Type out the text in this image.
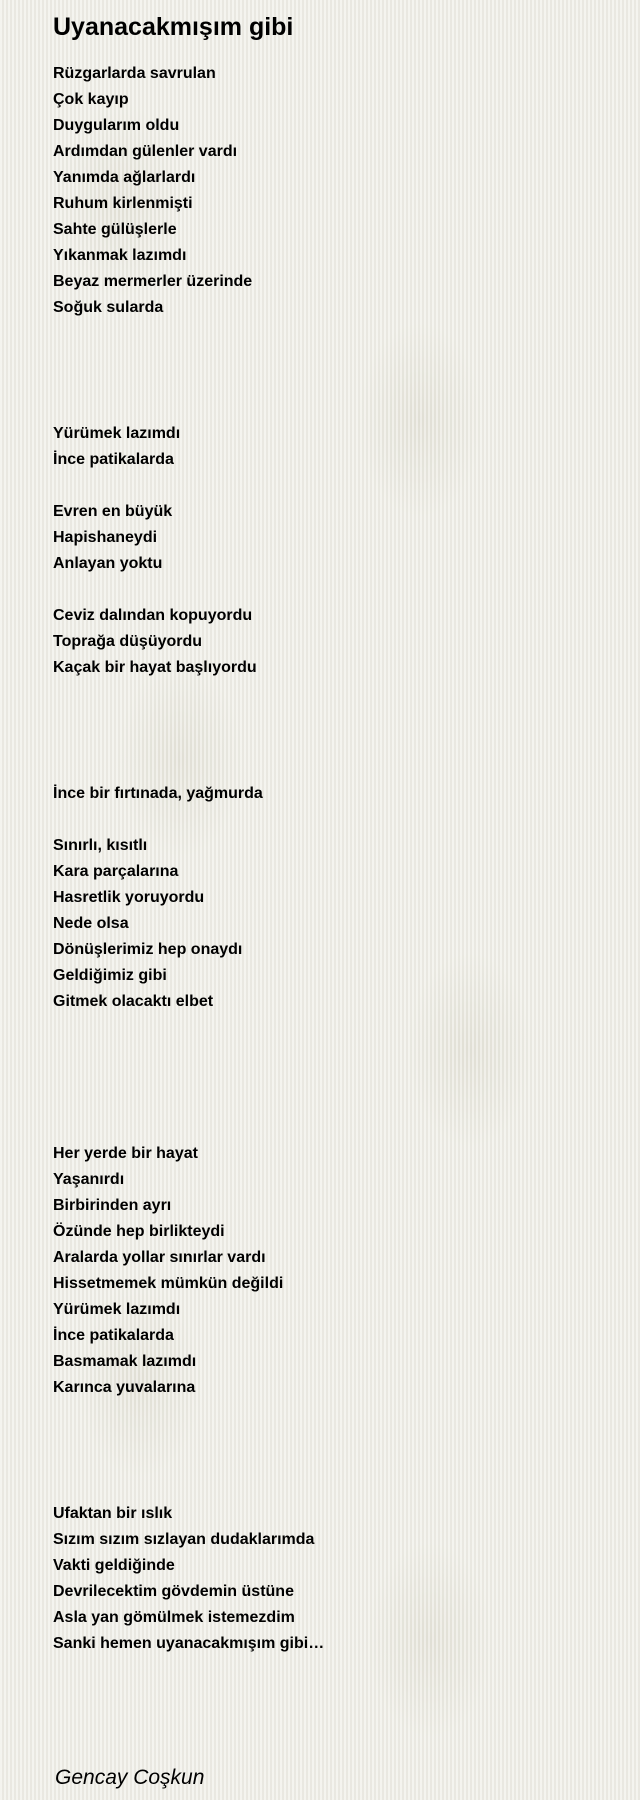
Uyanacakmışım gibi
Rüzgarlarda savrulan
Çok kayıp
Duygularım oldu
Ardımdan gülenler vardı
Yanımda ağlarlardı
Ruhum kirlenmişti
Sahte gülüşlerle
Yıkanmak lazımdı
Beyaz mermerler üzerinde
Soğuk sularda
Yürümek lazımdı
İnce patikalarda
Evren en büyük
Hapishaneydi
Anlayan yoktu
Ceviz dalından kopuyordu
Toprağa düşüyordu
Kaçak bir hayat başlıyordu
İnce bir fırtınada, yağmurda
Sınırlı, kısıtlı
Kara parçalarına
Hasretlik yoruyordu
Nede olsa
Dönüşlerimiz hep onaydı
Geldiğimiz gibi
Gitmek olacaktı elbet
Her yerde bir hayat
Yaşanırdı
Birbirinden ayrı
Özünde hep birlikteydi
Aralarda yollar sınırlar vardı
Hissetmemek mümkün değildi
Yürümek lazımdı
İnce patikalarda
Basmamak lazımdı
Karınca yuvalarına
Ufaktan bir ıslık
Sızım sızım sızlayan dudaklarımda
Vakti geldiğinde
Devrilecektim gövdemin üstüne
Asla yan gömülmek istemezdim
Sanki hemen uyanacakmışım gibi…
Gencay Coşkun
